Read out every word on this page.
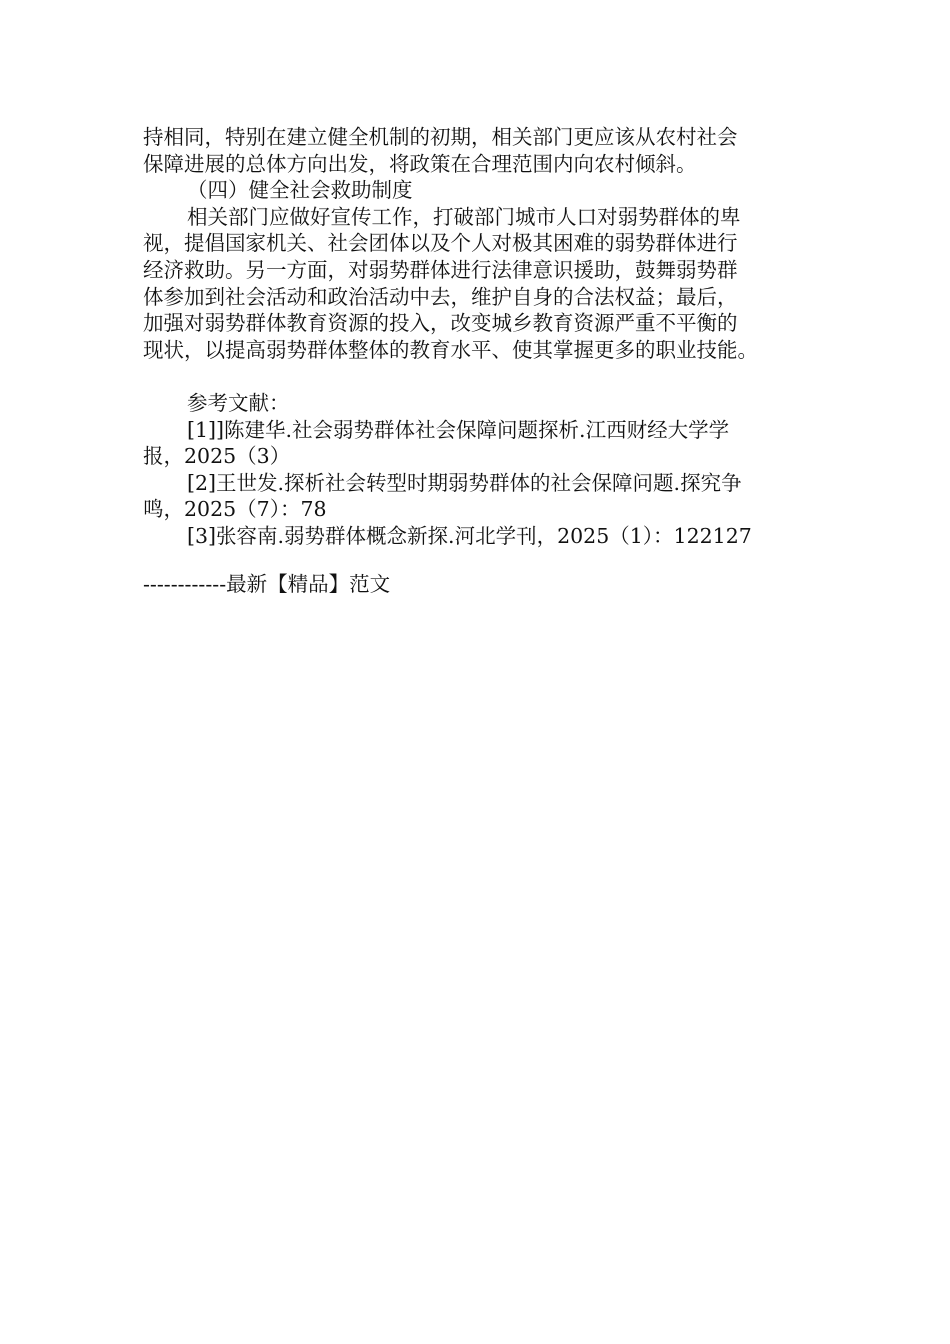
持相同，特别在建立健全机制的初期，相关部门更应该从农村社会

保障进展的总体方向出发，将政策在合理范围内向农村倾斜。

（四）健全社会救助制度

相关部门应做好宣传工作，打破部门城市人口对弱势群体的卑

视，提倡国家机关、社会团体以及个人对极其困难的弱势群体进行

经济救助。另一方面，对弱势群体进行法律意识援助，鼓舞弱势群

体参加到社会活动和政治活动中去，维护自身的合法权益；最后，

加强对弱势群体教育资源的投入，改变城乡教育资源严重不平衡的

现状，以提高弱势群体整体的教育水平、使其掌握更多的职业技能。

参考文献：

[1]]陈建华.社会弱势群体社会保障问题探析.江西财经大学学

报，2025（3）

[2]王世发.探析社会转型时期弱势群体的社会保障问题.探究争

鸣，2025（7）：78

[3]张容南.弱势群体概念新探.河北学刊，2025（1）：122127

------------最新【精品】范文
